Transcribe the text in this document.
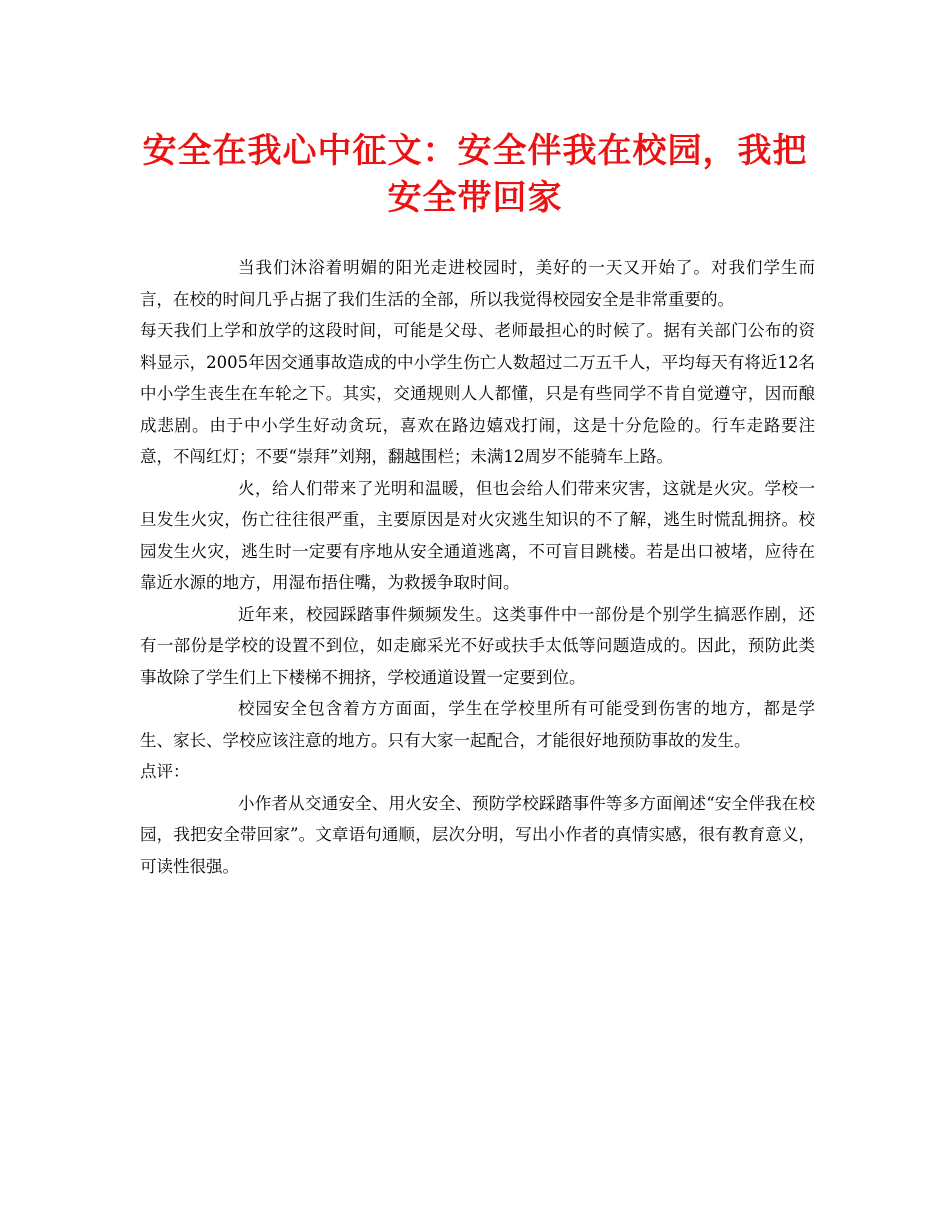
安全在我心中征文：安全伴我在校园，我把
安全带回家

当我们沐浴着明媚的阳光走进校园时，美好的一天又开始了。对我们学生而言，在校的时间几乎占据了我们生活的全部，所以我觉得校园安全是非常重要的。

每天我们上学和放学的这段时间，可能是父母、老师最担心的时候了。据有关部门公布的资料显示，2005年因交通事故造成的中小学生伤亡人数超过二万五千人，平均每天有将近12名中小学生丧生在车轮之下。其实，交通规则人人都懂，只是有些同学不肯自觉遵守，因而酿成悲剧。由于中小学生好动贪玩，喜欢在路边嬉戏打闹，这是十分危险的。行车走路要注意，不闯红灯；不要“崇拜”刘翔，翻越围栏；未满12周岁不能骑车上路。

火，给人们带来了光明和温暖，但也会给人们带来灾害，这就是火灾。学校一旦发生火灾，伤亡往往很严重，主要原因是对火灾逃生知识的不了解，逃生时慌乱拥挤。校园发生火灾，逃生时一定要有序地从安全通道逃离，不可盲目跳楼。若是出口被堵，应待在靠近水源的地方，用湿布捂住嘴，为救援争取时间。

近年来，校园踩踏事件频频发生。这类事件中一部份是个别学生搞恶作剧，还有一部份是学校的设置不到位，如走廊采光不好或扶手太低等问题造成的。因此，预防此类事故除了学生们上下楼梯不拥挤，学校通道设置一定要到位。

校园安全包含着方方面面，学生在学校里所有可能受到伤害的地方，都是学生、家长、学校应该注意的地方。只有大家一起配合，才能很好地预防事故的发生。

点评：

小作者从交通安全、用火安全、预防学校踩踏事件等多方面阐述“安全伴我在校园，我把安全带回家”。文章语句通顺，层次分明，写出小作者的真情实感，很有教育意义，可读性很强。
